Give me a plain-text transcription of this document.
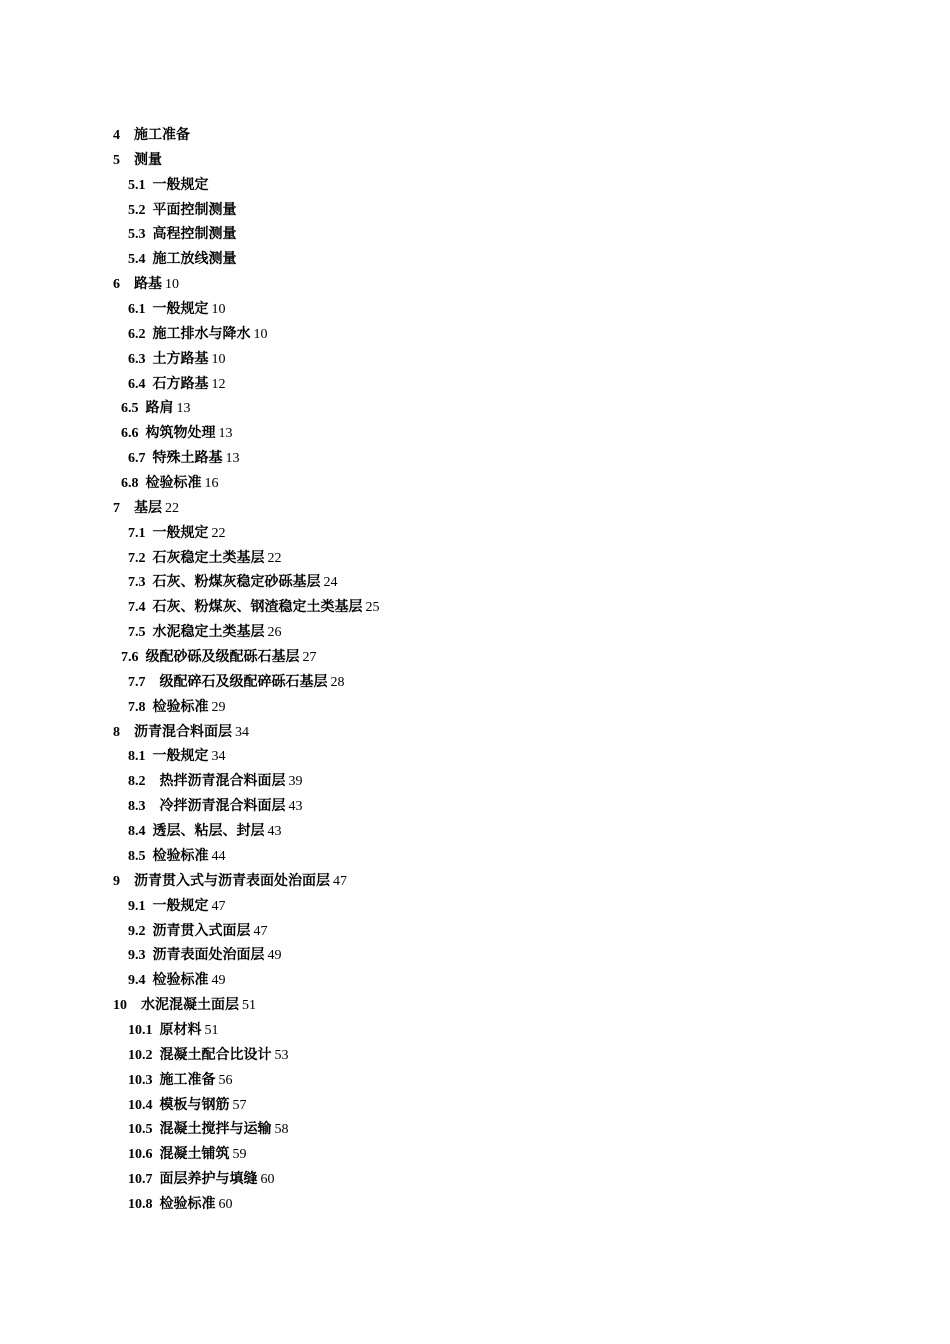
4 施工准备
5 测量
5.1 一般规定
5.2 平面控制测量
5.3 高程控制测量
5.4 施工放线测量
6 路基 10
6.1 一般规定 10
6.2 施工排水与降水 10
6.3 土方路基 10
6.4 石方路基 12
6.5 路肩 13
6.6 构筑物处理 13
6.7 特殊土路基 13
6.8 检验标准 16
7 基层 22
7.1 一般规定 22
7.2 石灰稳定土类基层 22
7.3 石灰、粉煤灰稳定砂砾基层 24
7.4 石灰、粉煤灰、钢渣稳定土类基层 25
7.5 水泥稳定土类基层 26
7.6 级配砂砾及级配砾石基层 27
7.7 级配碎石及级配碎砾石基层 28
7.8 检验标准 29
8 沥青混合料面层 34
8.1 一般规定 34
8.2 热拌沥青混合料面层 39
8.3 冷拌沥青混合料面层 43
8.4 透层、粘层、封层 43
8.5 检验标准 44
9 沥青贯入式与沥青表面处治面层 47
9.1 一般规定 47
9.2 沥青贯入式面层 47
9.3 沥青表面处治面层 49
9.4 检验标准 49
10 水泥混凝土面层 51
10.1 原材料 51
10.2 混凝土配合比设计 53
10.3 施工准备 56
10.4 模板与钢筋 57
10.5 混凝土搅拌与运输 58
10.6 混凝土铺筑 59
10.7 面层养护与填缝 60
10.8 检验标准 60
